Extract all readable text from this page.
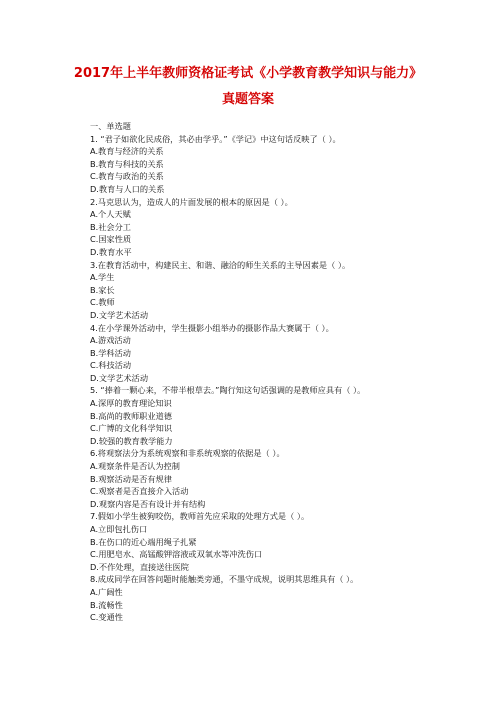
2017年上半年教师资格证考试《小学教育教学知识与能力》
真题答案
一、单选题
1. “君子如欲化民成俗，其必由学乎。”《学记》中这句话反映了（ ）。
A.教育与经济的关系
B.教育与科技的关系
C.教育与政治的关系
D.教育与人口的关系
2.马克思认为，造成人的片面发展的根本的原因是（ ）。
A.个人天赋
B.社会分工
C.国家性质
D.教育水平
3.在教育活动中，构建民主、和谐、融洽的师生关系的主导因素是（ ）。
A.学生
B.家长
C.教师
D.文学艺术活动
4.在小学课外活动中，学生摄影小组举办的摄影作品大赛属于（ ）。
A.游戏活动
B.学科活动
C.科技活动
D.文学艺术活动
5. “捧着一颗心来，不带半根草去。”陶行知这句话强调的是教师应具有（ ）。
A.深厚的教育理论知识
B.高尚的教师职业道德
C.广博的文化科学知识
D.较强的教育教学能力
6.将观察法分为系统观察和非系统观察的依据是（ ）。
A.观察条件是否认为控制
B.观察活动是否有规律
C.观察者是否直接介入活动
D.观察内容是否有设计并有结构
7.假如小学生被狗咬伤，教师首先应采取的处理方式是（ ）。
A.立即包扎伤口
B.在伤口的近心端用绳子扎紧
C.用肥皂水、高锰酸钾溶液或双氧水等冲洗伤口
D.不作处理，直接送往医院
8.成成同学在回答问题时能触类旁通，不墨守成规，说明其思维具有（ ）。
A.广阔性
B.流畅性
C.变通性
